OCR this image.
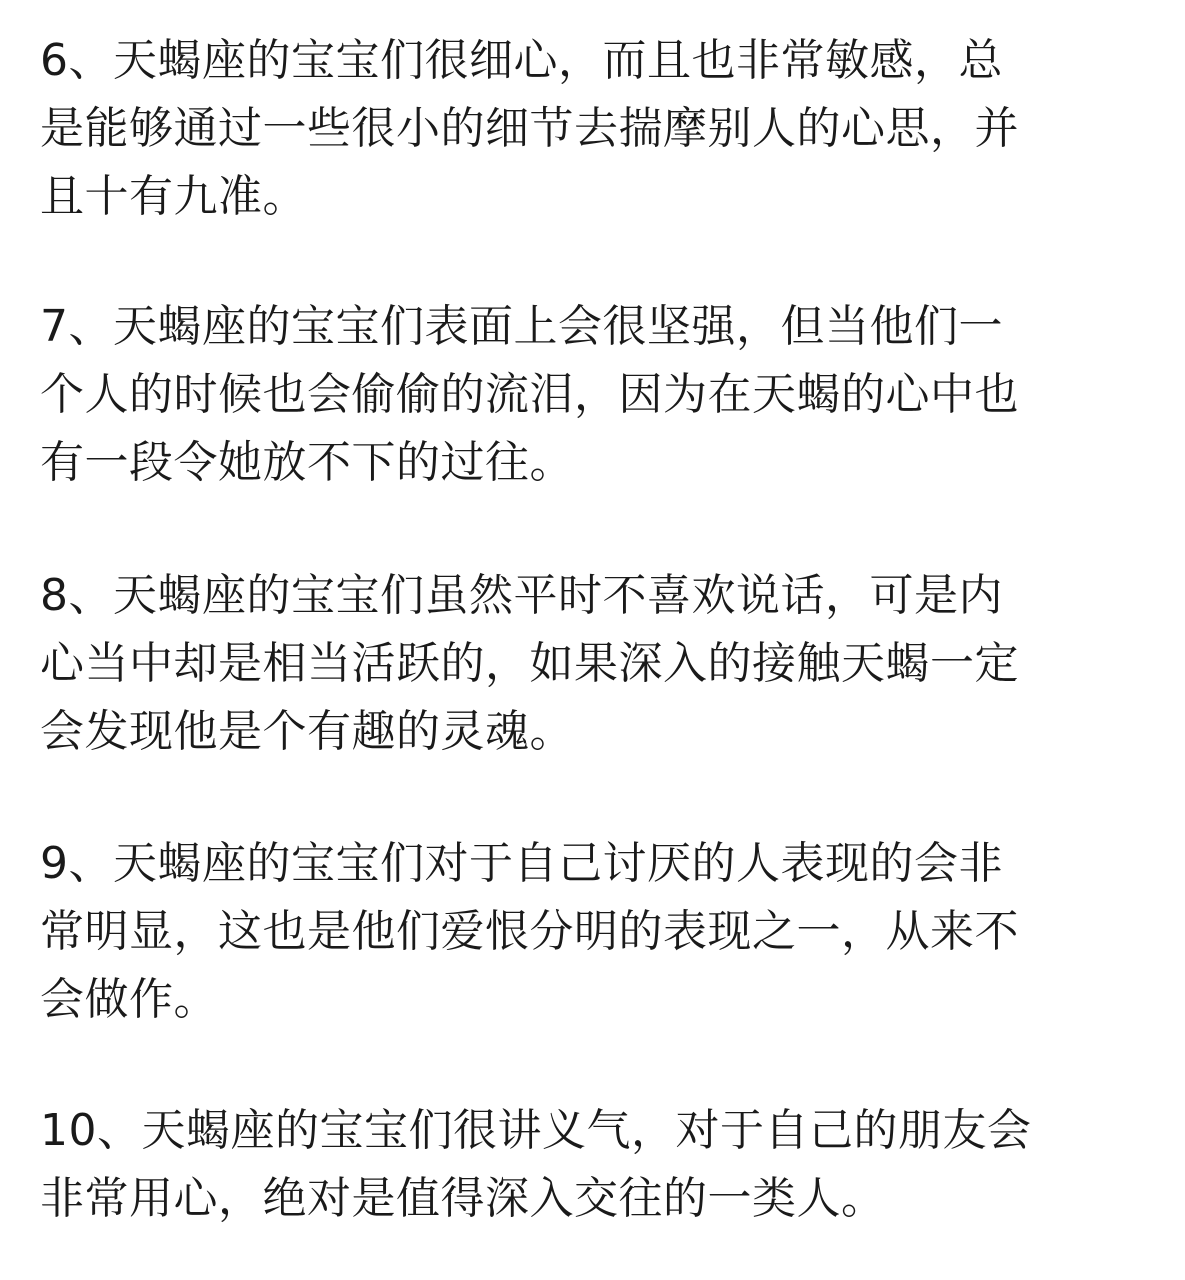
6、天蝎座的宝宝们很细心，而且也非常敏感，总
是能够通过一些很小的细节去揣摩别人的心思，并
且十有九准。

7、天蝎座的宝宝们表面上会很坚强，但当他们一
个人的时候也会偷偷的流泪，因为在天蝎的心中也
有一段令她放不下的过往。

8、天蝎座的宝宝们虽然平时不喜欢说话，可是内
心当中却是相当活跃的，如果深入的接触天蝎一定
会发现他是个有趣的灵魂。

9、天蝎座的宝宝们对于自己讨厌的人表现的会非
常明显，这也是他们爱恨分明的表现之一，从来不
会做作。

10、天蝎座的宝宝们很讲义气，对于自己的朋友会
非常用心，绝对是值得深入交往的一类人。
